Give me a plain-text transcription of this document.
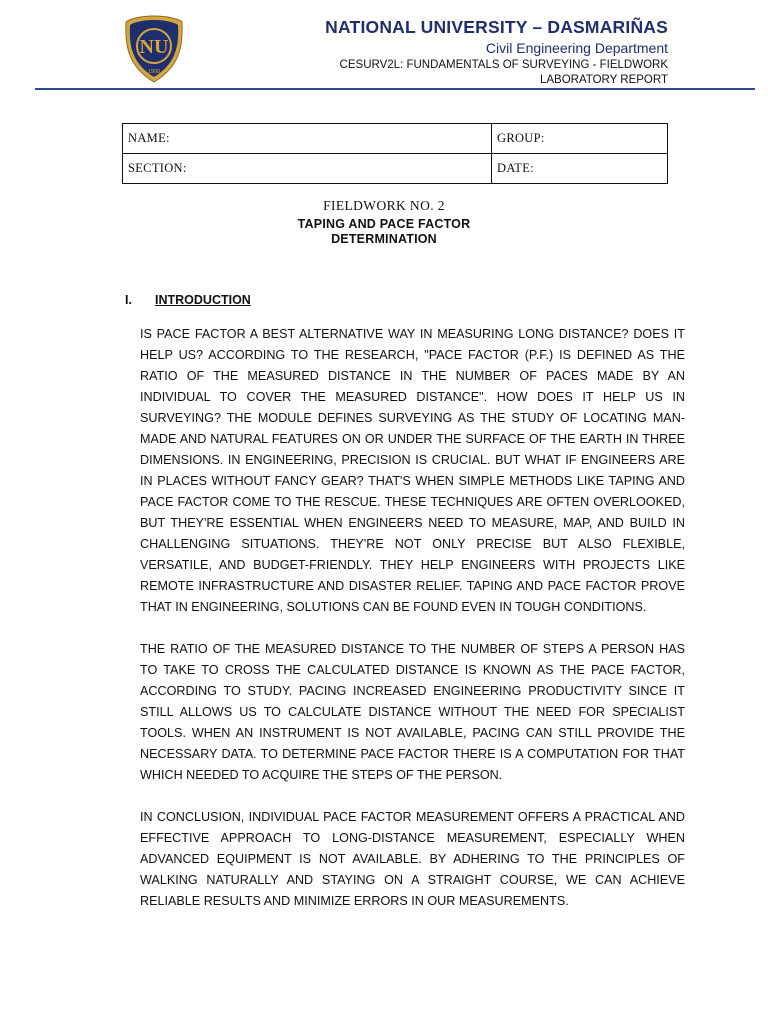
NU
1900
NATIONAL UNIVERSITY – DASMARIÑAS
Civil Engineering Department
CESURV2L: FUNDAMENTALS OF SURVEYING - FIELDWORK
LABORATORY REPORT
NAME:	GROUP:
SECTION:	DATE:
FIELDWORK NO. 2
TAPING AND PACE FACTOR
DETERMINATION
I. INTRODUCTION

IS PACE FACTOR A BEST ALTERNATIVE WAY IN MEASURING LONG DISTANCE? DOES IT HELP US? ACCORDING TO THE RESEARCH, "PACE FACTOR (P.F.) IS DEFINED AS THE RATIO OF THE MEASURED DISTANCE IN THE NUMBER OF PACES MADE BY AN INDIVIDUAL TO COVER THE MEASURED DISTANCE". HOW DOES IT HELP US IN SURVEYING? THE MODULE DEFINES SURVEYING AS THE STUDY OF LOCATING MAN-MADE AND NATURAL FEATURES ON OR UNDER THE SURFACE OF THE EARTH IN THREE DIMENSIONS. IN ENGINEERING, PRECISION IS CRUCIAL. BUT WHAT IF ENGINEERS ARE IN PLACES WITHOUT FANCY GEAR? THAT'S WHEN SIMPLE METHODS LIKE TAPING AND PACE FACTOR COME TO THE RESCUE. THESE TECHNIQUES ARE OFTEN OVERLOOKED, BUT THEY'RE ESSENTIAL WHEN ENGINEERS NEED TO MEASURE, MAP, AND BUILD IN CHALLENGING SITUATIONS. THEY'RE NOT ONLY PRECISE BUT ALSO FLEXIBLE, VERSATILE, AND BUDGET-FRIENDLY. THEY HELP ENGINEERS WITH PROJECTS LIKE REMOTE INFRASTRUCTURE AND DISASTER RELIEF. TAPING AND PACE FACTOR PROVE THAT IN ENGINEERING, SOLUTIONS CAN BE FOUND EVEN IN TOUGH CONDITIONS.

THE RATIO OF THE MEASURED DISTANCE TO THE NUMBER OF STEPS A PERSON HAS TO TAKE TO CROSS THE CALCULATED DISTANCE IS KNOWN AS THE PACE FACTOR, ACCORDING TO STUDY. PACING INCREASED ENGINEERING PRODUCTIVITY SINCE IT STILL ALLOWS US TO CALCULATE DISTANCE WITHOUT THE NEED FOR SPECIALIST TOOLS. WHEN AN INSTRUMENT IS NOT AVAILABLE, PACING CAN STILL PROVIDE THE NECESSARY DATA. TO DETERMINE PACE FACTOR THERE IS A COMPUTATION FOR THAT WHICH NEEDED TO ACQUIRE THE STEPS OF THE PERSON.

IN CONCLUSION, INDIVIDUAL PACE FACTOR MEASUREMENT OFFERS A PRACTICAL AND EFFECTIVE APPROACH TO LONG-DISTANCE MEASUREMENT, ESPECIALLY WHEN ADVANCED EQUIPMENT IS NOT AVAILABLE. BY ADHERING TO THE PRINCIPLES OF WALKING NATURALLY AND STAYING ON A STRAIGHT COURSE, WE CAN ACHIEVE RELIABLE RESULTS AND MINIMIZE ERRORS IN OUR MEASUREMENTS.
